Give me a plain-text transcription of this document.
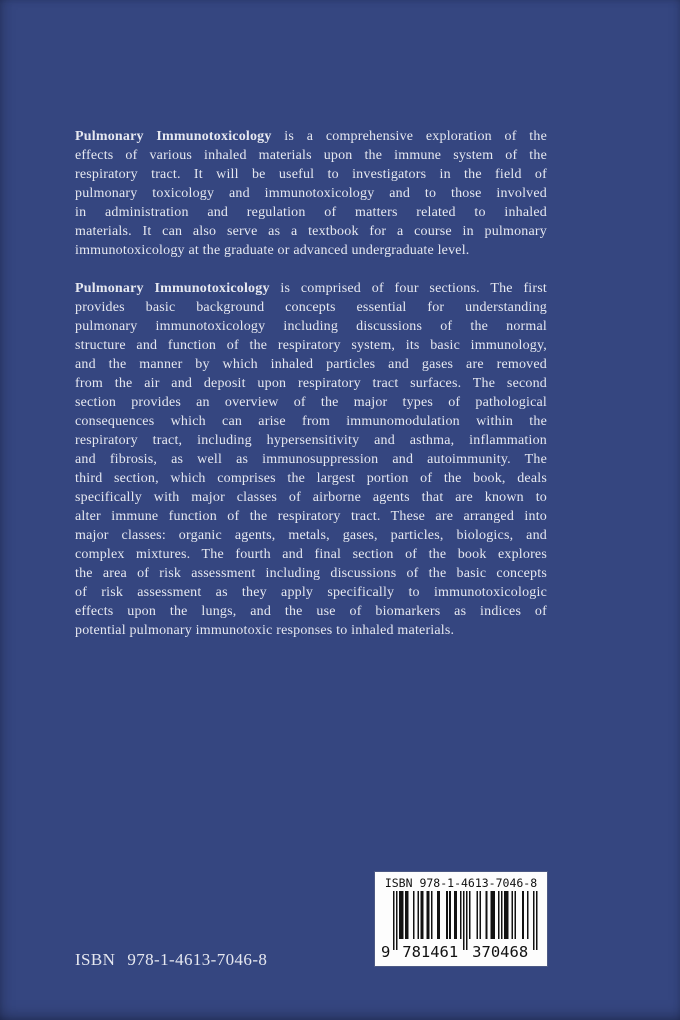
Pulmonary Immunotoxicology is a comprehensive exploration of the
effects of various inhaled materials upon the immune system of the
respiratory tract. It will be useful to investigators in the field of
pulmonary toxicology and immunotoxicology and to those involved
in administration and regulation of matters related to inhaled
materials. It can also serve as a textbook for a course in pulmonary
immunotoxicology at the graduate or advanced undergraduate level.
Pulmonary Immunotoxicology is comprised of four sections. The first
provides basic background concepts essential for understanding
pulmonary immunotoxicology including discussions of the normal
structure and function of the respiratory system, its basic immunology,
and the manner by which inhaled particles and gases are removed
from the air and deposit upon respiratory tract surfaces. The second
section provides an overview of the major types of pathological
consequences which can arise from immunomodulation within the
respiratory tract, including hypersensitivity and asthma, inflammation
and fibrosis, as well as immunosuppression and autoimmunity. The
third section, which comprises the largest portion of the book, deals
specifically with major classes of airborne agents that are known to
alter immune function of the respiratory tract. These are arranged into
major classes: organic agents, metals, gases, particles, biologics, and
complex mixtures. The fourth and final section of the book explores
the area of risk assessment including discussions of the basic concepts
of risk assessment as they apply specifically to immunotoxicologic
effects upon the lungs, and the use of biomarkers as indices of
potential pulmonary immunotoxic responses to inhaled materials.
ISBN 978-1-4613-7046-8
ISBN 978-1-4613-7046-8
9 781461 370468
